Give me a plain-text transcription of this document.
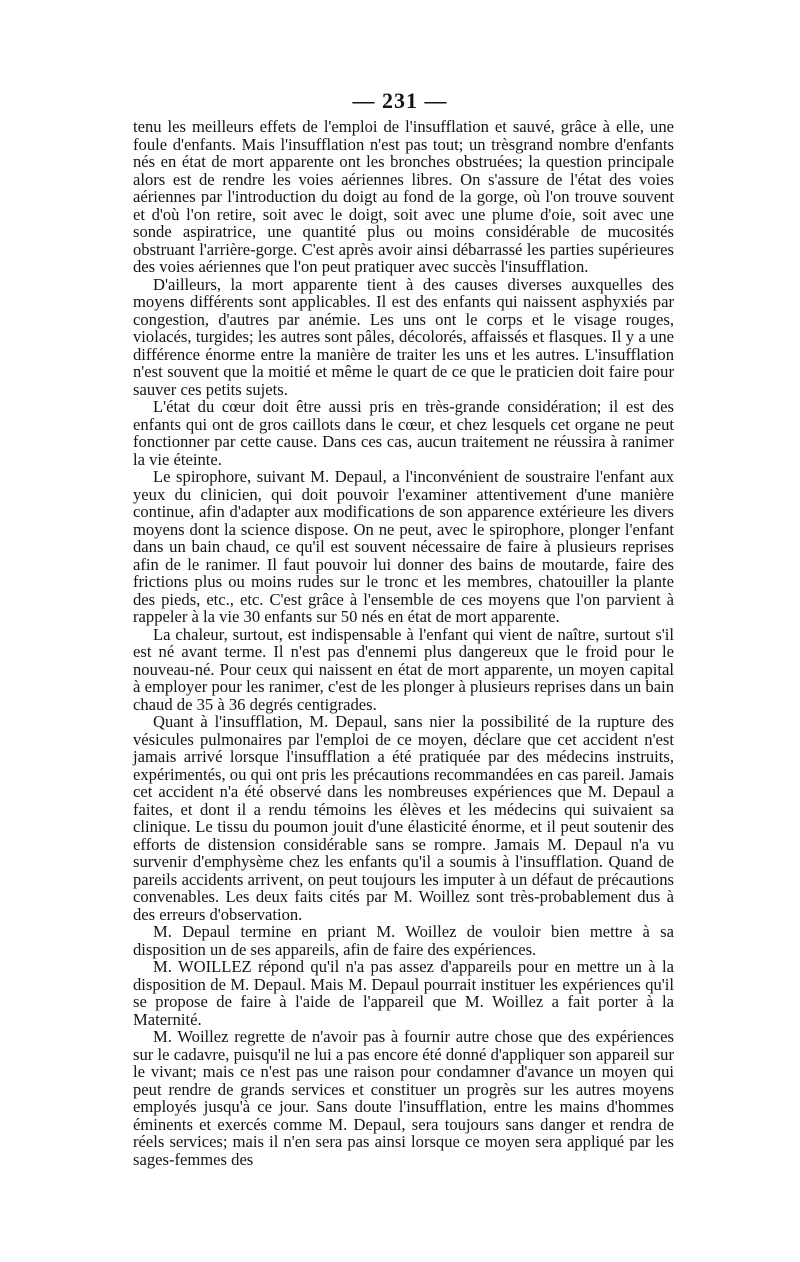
— 231 —

tenu les meilleurs effets de l'emploi de l'insufflation et sauvé, grâce à elle, une foule d'enfants. Mais l'insufflation n'est pas tout; un trèsgrand nombre d'enfants nés en état de mort apparente ont les bronches obstruées; la question principale alors est de rendre les voies aériennes libres. On s'assure de l'état des voies aériennes par l'introduction du doigt au fond de la gorge, où l'on trouve souvent et d'où l'on retire, soit avec le doigt, soit avec une plume d'oie, soit avec une sonde aspiratrice, une quantité plus ou moins considérable de mucosités obstruant l'arrière-gorge. C'est après avoir ainsi débarrassé les parties supérieures des voies aériennes que l'on peut pratiquer avec succès l'insufflation.

D'ailleurs, la mort apparente tient à des causes diverses auxquelles des moyens différents sont applicables. Il est des enfants qui naissent asphyxiés par congestion, d'autres par anémie. Les uns ont le corps et le visage rouges, violacés, turgides; les autres sont pâles, décolorés, affaissés et flasques. Il y a une différence énorme entre la manière de traiter les uns et les autres. L'insufflation n'est souvent que la moitié et même le quart de ce que le praticien doit faire pour sauver ces petits sujets.

L'état du cœur doit être aussi pris en très-grande considération; il est des enfants qui ont de gros caillots dans le cœur, et chez lesquels cet organe ne peut fonctionner par cette cause. Dans ces cas, aucun traitement ne réussira à ranimer la vie éteinte.

Le spirophore, suivant M. Depaul, a l'inconvénient de soustraire l'enfant aux yeux du clinicien, qui doit pouvoir l'examiner attentivement d'une manière continue, afin d'adapter aux modifications de son apparence extérieure les divers moyens dont la science dispose. On ne peut, avec le spirophore, plonger l'enfant dans un bain chaud, ce qu'il est souvent nécessaire de faire à plusieurs reprises afin de le ranimer. Il faut pouvoir lui donner des bains de moutarde, faire des frictions plus ou moins rudes sur le tronc et les membres, chatouiller la plante des pieds, etc., etc. C'est grâce à l'ensemble de ces moyens que l'on parvient à rappeler à la vie 30 enfants sur 50 nés en état de mort apparente.

La chaleur, surtout, est indispensable à l'enfant qui vient de naître, surtout s'il est né avant terme. Il n'est pas d'ennemi plus dangereux que le froid pour le nouveau-né. Pour ceux qui naissent en état de mort apparente, un moyen capital à employer pour les ranimer, c'est de les plonger à plusieurs reprises dans un bain chaud de 35 à 36 degrés centigrades.

Quant à l'insufflation, M. Depaul, sans nier la possibilité de la rupture des vésicules pulmonaires par l'emploi de ce moyen, déclare que cet accident n'est jamais arrivé lorsque l'insufflation a été pratiquée par des médecins instruits, expérimentés, ou qui ont pris les précautions recommandées en cas pareil. Jamais cet accident n'a été observé dans les nombreuses expériences que M. Depaul a faites, et dont il a rendu témoins les élèves et les médecins qui suivaient sa clinique. Le tissu du poumon jouit d'une élasticité énorme, et il peut soutenir des efforts de distension considérable sans se rompre. Jamais M. Depaul n'a vu survenir d'emphysème chez les enfants qu'il a soumis à l'insufflation. Quand de pareils accidents arrivent, on peut toujours les imputer à un défaut de précautions convenables. Les deux faits cités par M. Woillez sont très-probablement dus à des erreurs d'observation.

M. Depaul termine en priant M. Woillez de vouloir bien mettre à sa disposition un de ses appareils, afin de faire des expériences.

M. WOILLEZ répond qu'il n'a pas assez d'appareils pour en mettre un à la disposition de M. Depaul. Mais M. Depaul pourrait instituer les expériences qu'il se propose de faire à l'aide de l'appareil que M. Woillez a fait porter à la Maternité.

M. Woillez regrette de n'avoir pas à fournir autre chose que des expériences sur le cadavre, puisqu'il ne lui a pas encore été donné d'appliquer son appareil sur le vivant; mais ce n'est pas une raison pour condamner d'avance un moyen qui peut rendre de grands services et constituer un progrès sur les autres moyens employés jusqu'à ce jour. Sans doute l'insufflation, entre les mains d'hommes éminents et exercés comme M. Depaul, sera toujours sans danger et rendra de réels services; mais il n'en sera pas ainsi lorsque ce moyen sera appliqué par les sages-femmes des
